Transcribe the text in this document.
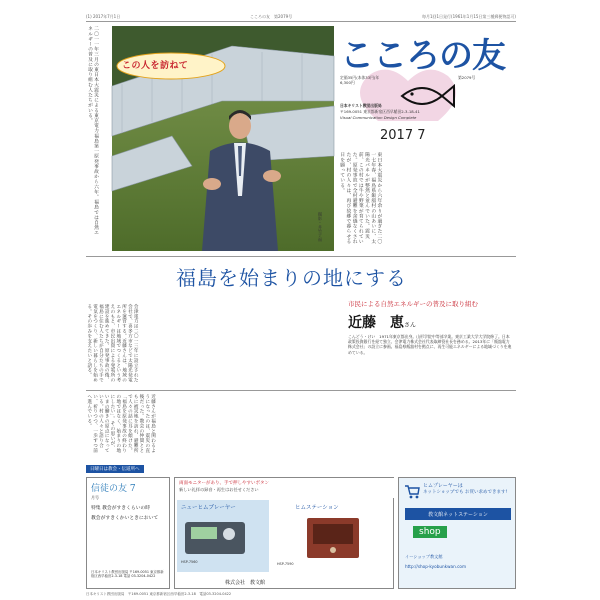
(1) 2017年7月1日	こころの友　第2079号	毎月1回1日発行(1961年1月15日第三種郵便物認可)
二〇一一年三月の東日本大震災による東京電力福島第一原発事故から六年。福島では自然エネルギーの普及に取り組む人たちがいる。	この人を訪ねて
撮影・井竹子福
こころの友
定価35円(本体33円)年6,300円
第2079号
日本キリスト教団出版局
〒169-0051 東京都新宿区西早稲田2-3-18-41
Visual Communication Design Complete
2017 7
東日本大震災から六年余りが過ぎた二〇一七年春、福島県飯舘村の山あいに、太陽光パネルが整然と並んでいた。震災前、この村では牛や野菜が育てられていた。原発事故で全村避難を余儀なくされたが、村の人々は、再び故郷で暮らせる日を願っている。
福島を始まりの地にする
会津電力は二〇一三年に設立された会社で、喜多方市などで太陽光発電所を運営する。近藤さんは、地域のエネルギーは地域でつくるという考えのもと、市民出資による発電所の建設を進めてきた。原発事故の後、福島に住む人たちが自分たちの手で電気をつくり、新しい暮らしを始める。その歩みを支えたいと語る。	市民による自然エネルギーの普及に取り組む
近藤　恵さん
こんどう・けい　1971年東京都出身。山形学院中等部卒業。東京工業大学大学院修了。日本政策投資銀行を経て独立、会津電力株式会社代表取締役社長を務める。2013年に「飯舘電力株式会社」の設立に参画。福島県飯舘村を拠点に、再生可能エネルギーによる地域づくりを進めている。
近藤さんが福島と関わるようになったのは、震災の直後だった。教会の仲間とともに被災地を訪れ、避難所で人々の話に耳を傾けた。「福島を原発事故の終わりの地ではなく、始まりの地にしたい」。その思いが、いまの働きの原点になっている。村の人々と語り合い、祈りつつ、一歩ずつ前へ進んでいる。
日曜日は教会・伝道所へ
信徒の友 7
月号
特集 教会がすきくらいの時
教会がすきくかいときにおいて
日本キリスト教団出版局 〒169-0051 東京都新宿区西早稲田2-3-18 電話 03-3204-0422
両面モニターがあり、手で押しやすいボタン
新しい礼拝の録音・再生はお任せください
ニューヒムプレーヤー
HSP-7560
ヒムステーション
HSP-7590
株式会社　教文館
ヒムプレーヤーは
ネットショップでも お買い求めできます!
教文館ネットステーション
shop
イーショップ教文館
http://shop-kyobunkwan.com
日本キリスト教団出版局　〒169-0051 東京都新宿区西早稲田2-3-18　電話03-3204-0422
